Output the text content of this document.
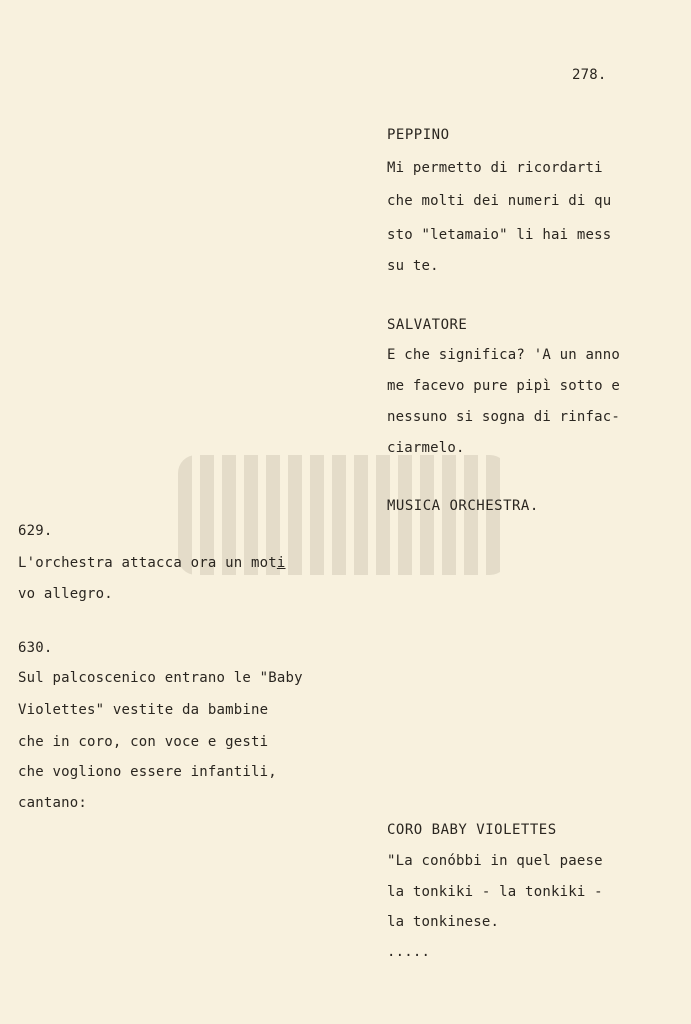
278.
PEPPINO
Mi permetto di ricordarti
che molti dei numeri di qu
sto "letamaio" li hai mess
su te.
SALVATORE
E che significa? 'A un anno
me facevo pure pipì sotto e
nessuno si sogna di rinfac-
ciarmelo.
MUSICA ORCHESTRA.
629.
L'orchestra attacca ora un moti
vo allegro.
630.
Sul palcoscenico entrano le "Baby
Violettes" vestite da bambine
che in coro, con voce e gesti
che vogliono essere infantili,
cantano:
CORO BABY VIOLETTES
"La conóbbi in quel paese
la tonkiki - la tonkiki -
la tonkinese.
.....
